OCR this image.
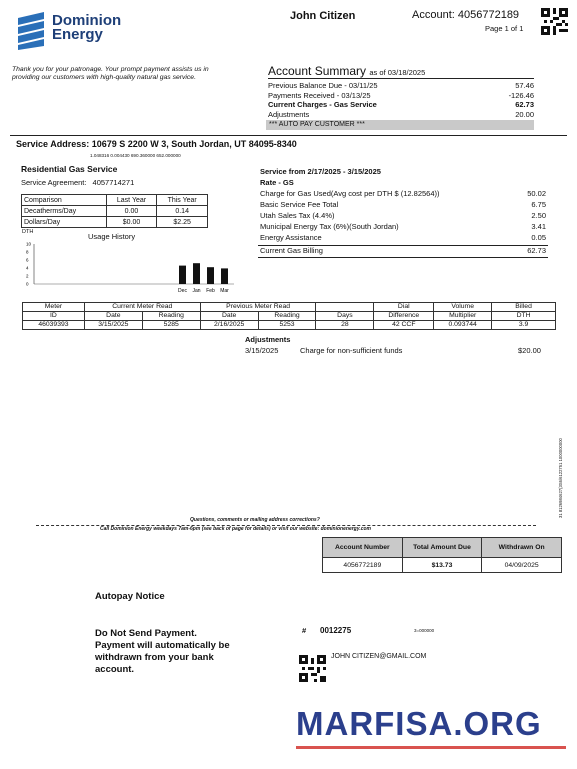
Dominion
Energy
John Citizen	Account: 4056772189
Page 1 of 1
Thank you for your patronage. Your prompt payment assists us in providing our customers with high-quality natural gas service.	Account Summary as of 03/18/2025
Previous Balance Due - 03/11/25	57.46
Payments Received - 03/13/25	-126.46
Current Charges - Gas Service	62.73
Adjustments	20.00
*** AUTO PAY CUSTOMER ***
Service Address: 10679 S 2200 W 3, South Jordan, UT 84095-8340
1.048316 0.004430 690.360000 652.000000
Residential Gas Service
Service Agreement: 4057714271
Comparison	Last Year	This Year
Decatherms/Day	0.00	0.14
Dollars/Day	$0.00	$2.25
DTH	Usage History
10
8
6
4
2
0
Dec Jan Feb Mar
Service from 2/17/2025 - 3/15/2025
Rate - GS
Charge for Gas Used(Avg cost per DTH $ (12.82564))	50.02
Basic Service Fee Total	6.75
Utah Sales Tax (4.4%)	2.50
Municipal Energy Tax (6%)(South Jordan)	3.41
Energy Assistance	0.05
Current Gas Billing	62.73
Meter	Current Meter Read		Previous Meter Read			Dial	Volume	Billed
ID	Date	Reading	Date	Reading	Days	Difference	Multiplier	DTH
46039393	3/15/2025	5285	2/16/2025	5253	28	42 CCF	0.093744	3.9
Adjustments
3/15/2025	Charge for non-sufficient funds	$20.00
31 8126984627(3S6/6122751 1000000000
Questions, comments or mailing address corrections?
Call Dominion Energy weekdays 7am-6pm (see back of page for details) or visit our website: dominionenergy.com
Account Number	Total Amount Due	Withdrawn On
4056772189	$13.73	04/09/2025
Autopay Notice
Do Not Send Payment.
Payment will automatically be withdrawn from your bank account.
# 0012275	3=000000
JOHN CITIZEN@GMAIL.COM
MARFISA.ORG
